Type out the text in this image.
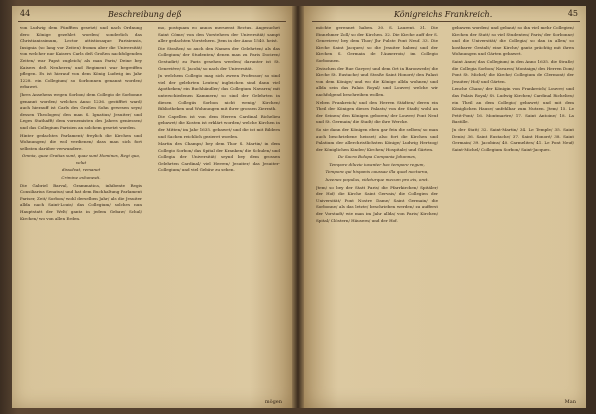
44	Beschreibung deß

von Ludwig dem Fünfften gesetzt/ und nach Ordnung dero Könige gezehlet worden/ sonderlich das Christianissimum, Lector attistiosaque Parisiensis, Insignia (so lang vor Zeiten) fromm aber die Universität/ von welcher nur Kaisers Carls deß Großen nachfolgenden Zeiten/ war Papst zugleich/ als man Paris/ Deine bey Kaisers deß Neuherrn/ und Regiment war begreiffen pflegen. Es ist hierauf von dem König Ludwig im Jahr 1228. ein Collegium/ so Sorbonnen genannt worden/ erbawet.

Jhres Ansehens wegen Sorbon/ dem Collegio de Sorbonne genannt worden/ welches Anno 1236. gestifftet ward/ auch hierauff ist Carls des Großen Sohn gewesen seyn/ dessen Theologen/ den man S. Ignatius/ Jesuiter/ und Leges Stathafft/ dem vornemisten des Jahres geniessen/ und das Collegium Parisien an solchem gesetzt worden.

Hinter gedachtes Parlament/ freylich die Kirchen und Wohnungen/ die wol verdienen/ dass man sich fort selbsten darüber verwundere.

Omnia, quae Gratias sunt, quae sunt Homines, Regi qua, velut
dissolvat, remanet
Crimine exhonesti.

Die Gabriel Barval, Grammatica, inhibente Regis Consiliarius Senatus/ und hat dem Buchhaltung Parlament Pariser, Zeit/ Sorbon/ wohl derselben Jahr/ als die Jesuiter allda nach Saint-Louis/ das Collegium/ solches nun Hauptstatt der Welt/ gantz in jedem Gebaw/ Schul/ Kirchen/ wo von allen Erden.

mo, postquam eo annos meruerat Rectus. Angesuchet Saint Cöme/ von den Vorstehern der Universität/ sampt aller gedachten Vorstehern. Jtem in der Anno 1540. heist.

Die Straßen/ so auch den Namen der Gelehrten/ als das Collegium/ der Studenten/ denen man zu Paris Dociren/ Gestudirt/ zu Paris gesehen werden/ darunter ist St. Geneviève/ S. Jacobi/ so nach der Universität.

Jn welchem Collegio mag sich zween Professor/ so sind viel der gelehrten Leuten/ ingleichen sind dann viel Apotheken/ ein Buchhändler/ das Collegium Navarra/ mit unterschiedenen Kammern/ so sind der Gelehrten in diesen Collegiis Sorbon nicht wenig/ Kirchen/ Bibliotheken und Wohnungen mit ihrer grossen Zierrath.

Die Capellen ist von dem Herren Cardinal Richelieu gebawet/ die Kosten ist erklärt worden/ welche Kirchen in der Mitten/ im Jahr 1635. gebawet/ und die ist mit Bildern und Sachen reichlich gezieret worden.

Martin des Champs/ bey dem Thor S. Martin/ in dem Collegio Sorbon/ das Spital der Kranken/ die Schulen/ und Collegia der Universität/ seynd bey dem grossen Gelehrten Cardinal/ viel Herren/ Jesuiter/ das Jesuiter-Collegium/ und viel Gebäw zu sehen.

mögen
Königreichs Frankreich.	45

möchte gerennet haben. 30. S. Laurent. 31. Die Einnehmer Zoll/ so der Kirchen. 32. Die Kirche auff der S. Genevieve/ bey dem Thor/ Jhr Pulste Pont Neuf. 33. Die Kirche Saint Jacques/ so die Jesuiter haben/ und der Kirchen S. Germain de l'Auxerrois/ im Collegio Sorbonnen.

Zwischen der Rue Gavyre/ und dem Ort in Baronwede/ die Kirche St. Eustache/ und Straße Saint Honoré/ den Palast von dem Könige/ und wo die Könige allda wohnen/ und allda sein das Palais Royal/ und Louvre/ welche wir nachfolgend beschreiben wollen.

Neben Frankreich/ und den Herren Städten/ deren ein Theil der Königen dieses Palasts/ von der Stadt/ wohl an der Seinen/ den Königen geboren/ der Louvre/ Pont Neuf und St. Germain/ die Stadt/ die ihre Wercke.

So sie dann der Königen eben gar fein die selben/ so man auch beschriebene heisset/ also fort die Kirchen und Palatium der allerchristlichsten Könige/ Ludwig Hertzog/ der Königlichen Kinder/ Kirchen/ Hospitale/ und Gärten.

De Sacra Bolopa Compania Johannes,
Tempore diluvie iuvanter hac tempore regum,
Tempora qui hispanis caussae illa quod nocturna,
Iuvenes populus, videturque mecum pro eis, orat.

Jtem/ so bey der Statt Paris/ die Pfarrkirchen/ Spitäler/ der Hof/ die Kirche Saint Gervais/ die Collegien der Universität/ Pont Nostre Dame/ Saint Germain/ die Sorbonne/ als das letzte/ beschrieben werden/ zu aufferst der Vorstadt/ wie man im Jahr allda/ von Paris/ Kirchen/ Spital/ Clöstern/ Häusern/ und der Hof.

gebawen worden/ und gebaut/ so ihn viel mehr Collegien/ Kirchen der Statt/ so viel Studenten/ Paris/ der Sorbonne/ und die Universität/ die Collegia/ so dan in allen/ so kostbarer Gestalt/ eine Kirche/ gantz prächtig mit ihren Wohnungen und Gärten gebawet.

Saint Anne/ das Collegium/ in den Anno 1635. die Straße/ die Collegia Sorbon/ Navarra/ Montaigu/ des Herren Dom/ Pont St. Michel/ die Kirche/ Collegium de Clermont/ der Jesuiter/ Hof/ und Gärten.

Lenche Chanc/ der Königin von Frankreich/ Louvre/ und das Palais Royal/ St. Ludwig Kirchen/ Cardinal Richelieu/ ein Theil an dem Collegio/ gebawet/ und mit dem Königlichen Hause/ unfehlbar zum Nutzen. Jtem/ 15. Le Petit-Pont/ 16. Montmartre/ 17. Saint Antoine/ 18. La Bastille.

Jn der Statt/ 32. Saint-Martin/ 34. Le Temple/ 35. Saint Denis/ 36. Saint Eustache/ 37. Saint Honoré/ 38. Saint Germain/ 39. Jacobins/ 40. Carmelites/ 41. Le Pont Neuf/ Saint-Michel/ Collegium Sorbon/ Saint-Jacques.

Man
